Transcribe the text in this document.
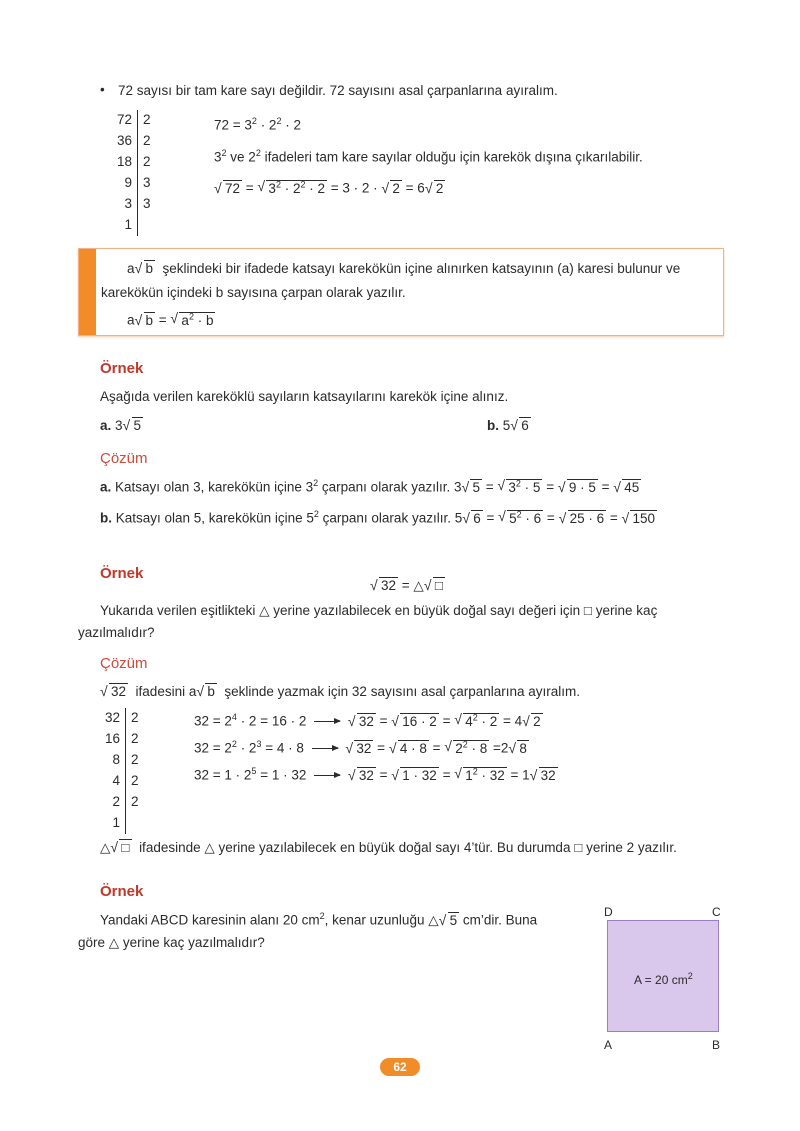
• 72 sayısı bir tam kare sayı değildir. 72 sayısını asal çarpanlarına ayıralım.
72	2
36	2
18	2
9	3
3	3
1	
$72 = 3^2 \cdot 2^2 \cdot 2$
$3^2$ ve $2^2$ ifadeleri tam kare sayılar olduğu için karekök dışına çıkarılabilir.
√ 72 = √ $3^2 \cdot 2^2 \cdot 2 = 3 \cdot 2$ · √ 2 = 6 √ 2
a √ b şeklindeki bir ifadede katsayı karekökün içine alınırken katsayının (a) karesi bulunur ve
karekökün içindeki b sayısına çarpan olarak yazılır.
a √ b = √ $a^2 \cdot b$
Örnek
Aşağıda verilen kareköklü sayıların katsayılarını karekök içine alınız.
a. 3 √ 5	b. 5 √ 6
Çözüm
a. Katsayı olan 3, karekökün içine $3^2$ çarpanı olarak yazılır. 3 √ 5 = √ $3^2 \cdot 5$ = √ 9 · 5 = √ 45
b. Katsayı olan 5, karekökün içine $5^2$ çarpanı olarak yazılır. 5 √ 6 = √ $5^2 \cdot 6$ = √ 25 · 6 = √ 150
Örnek
√ 32 = △ √ □
Yukarıda verilen eşitlikteki △ yerine yazılabilecek en büyük doğal sayı değeri için □ yerine kaç
yazılmalıdır?
Çözüm
√ 32 ifadesini a √ b şeklinde yazmak için 32 sayısını asal çarpanlarına ayıralım.
32	2
16	2
8	2
4	2
2	2
1	
$32 = 2^4 \cdot 2 = 16 \cdot 2$	√ 32 = √ 16 · 2 = √ $4^2 \cdot 2 = 4$ √ 2
$32 = 2^2 \cdot 2^3 = 4 \cdot 8$	√ 32 = √ 4 · 8 = √ $2^2 \cdot 8 =2$ √ 8
$32 = 1 \cdot 2^5 = 1 \cdot 32$	√ 32 = √ 1 · 32 = √ $1^2 \cdot 32 = 1$ √ 32
△ √ □ ifadesinde △ yerine yazılabilecek en büyük doğal sayı 4’tür. Bu durumda □ yerine 2 yazılır.
Örnek
Yandaki ABCD karesinin alanı 20 $cm^2$, kenar uzunluğu △ √ 5 cm’dir. Buna
göre △ yerine kaç yazılmalıdır?
D	C
A = 20 $cm^2$
A	B
62
